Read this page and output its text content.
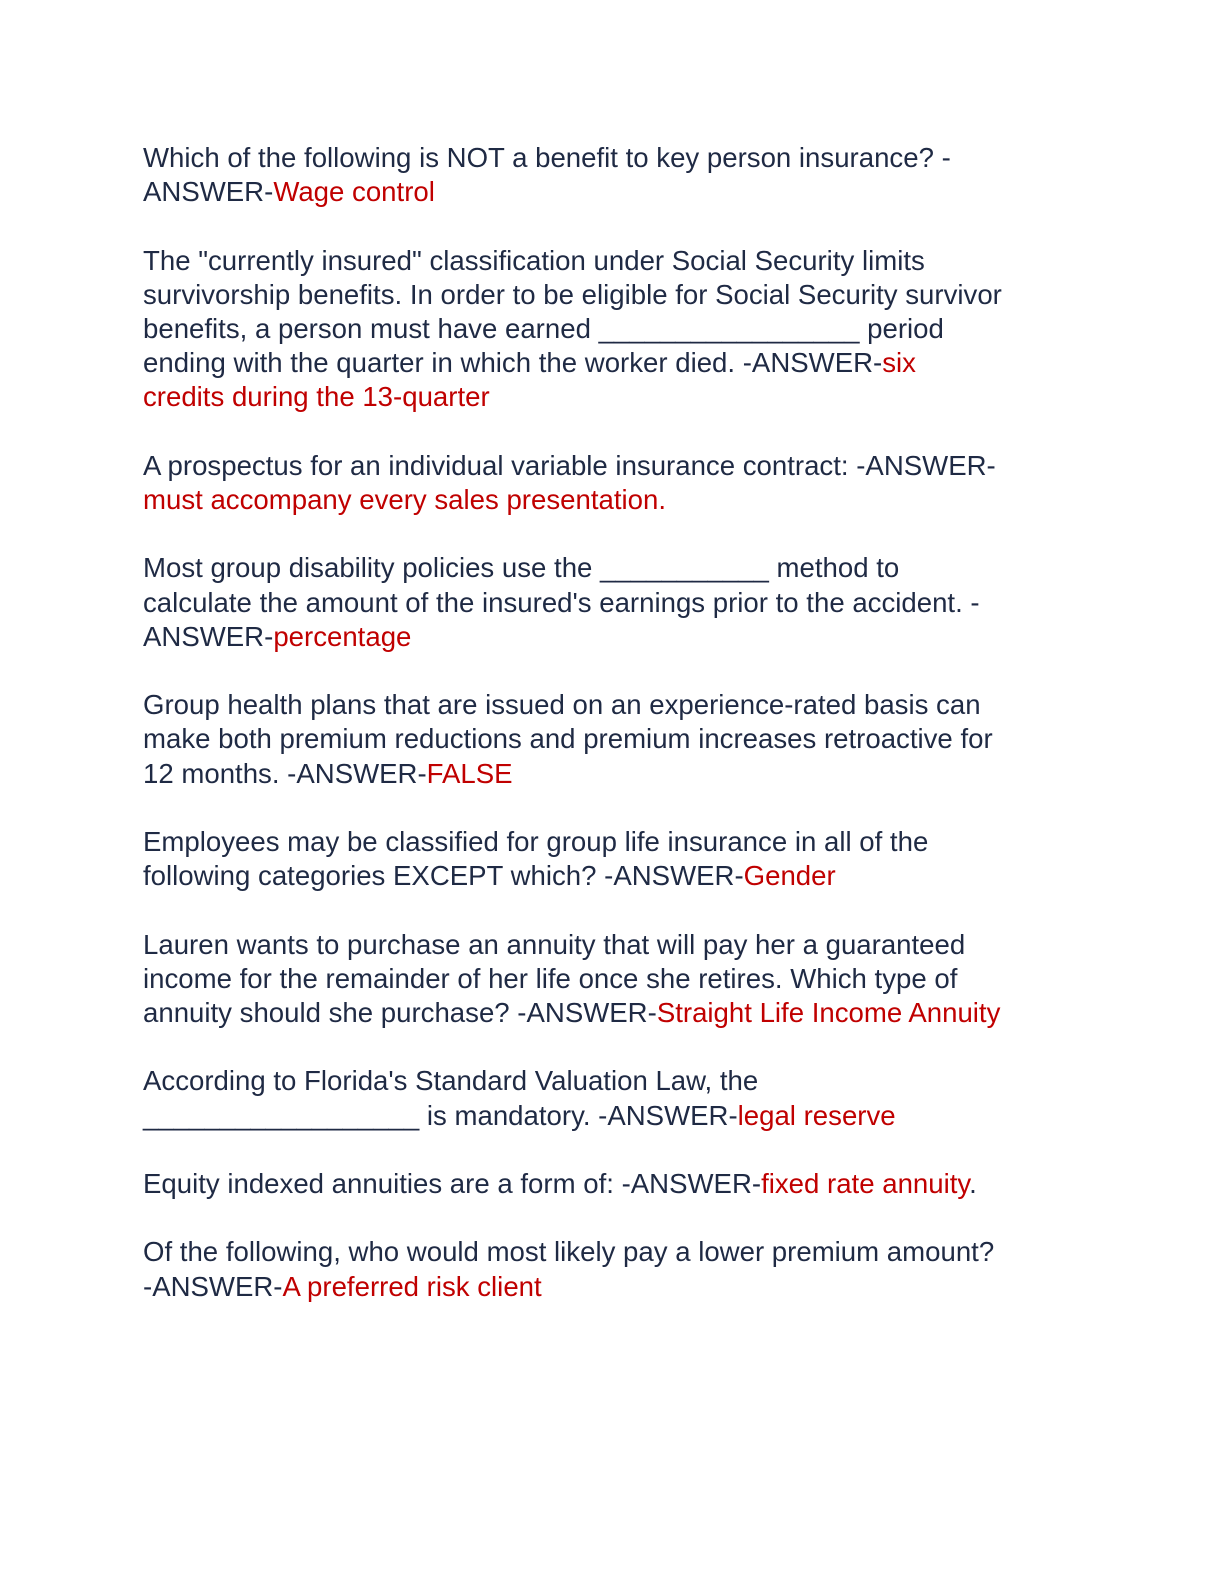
Which of the following is NOT a benefit to key person insurance? -
ANSWER-Wage control
The "currently insured" classification under Social Security limits
survivorship benefits. In order to be eligible for Social Security survivor
benefits, a person must have earned _________________ period
ending with the quarter in which the worker died. -ANSWER-six
credits during the 13-quarter
A prospectus for an individual variable insurance contract: -ANSWER-
must accompany every sales presentation.
Most group disability policies use the ___________ method to
calculate the amount of the insured's earnings prior to the accident. -
ANSWER-percentage
Group health plans that are issued on an experience-rated basis can
make both premium reductions and premium increases retroactive for
12 months. -ANSWER-FALSE
Employees may be classified for group life insurance in all of the
following categories EXCEPT which? -ANSWER-Gender
Lauren wants to purchase an annuity that will pay her a guaranteed
income for the remainder of her life once she retires. Which type of
annuity should she purchase? -ANSWER-Straight Life Income Annuity
According to Florida's Standard Valuation Law, the
__________________ is mandatory. -ANSWER-legal reserve
Equity indexed annuities are a form of: -ANSWER-fixed rate annuity.
Of the following, who would most likely pay a lower premium amount?
-ANSWER-A preferred risk client
